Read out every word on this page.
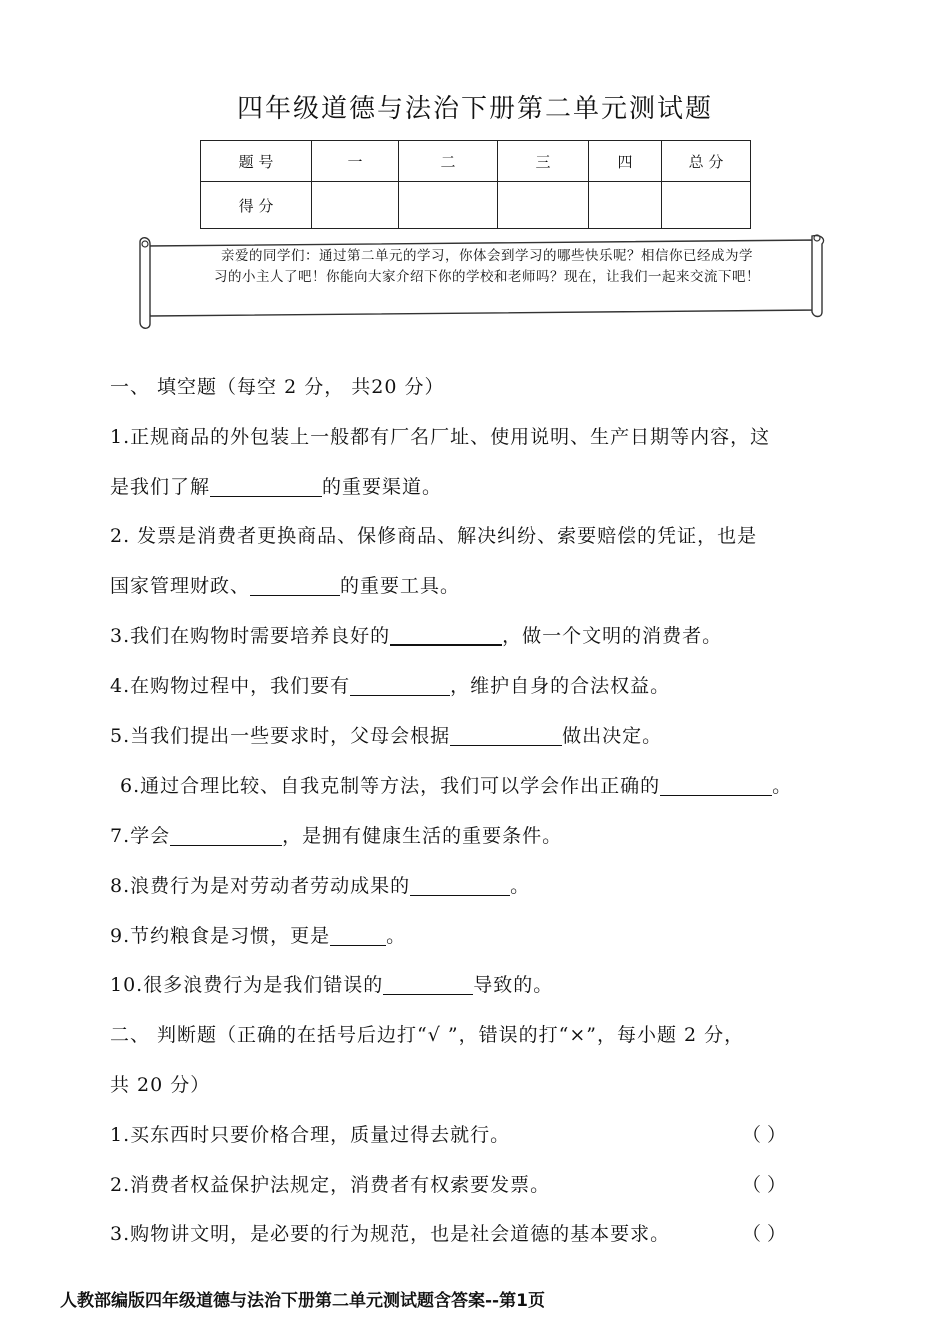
四年级道德与法治下册第二单元测试题
题 号	一	二	三	四	总 分
得 分					
亲爱的同学们：通过第二单元的学习，你体会到学习的哪些快乐呢？相信你已经成为学
习的小主人了吧！你能向大家介绍下你的学校和老师吗？现在，让我们一起来交流下吧！
一、 填空题（每空 2 分， 共20 分）
1.正规商品的外包装上一般都有厂名厂址、使用说明、生产日期等内容，这
是我们了解	的重要渠道。
2. 发票是消费者更换商品、保修商品、解决纠纷、索要赔偿的凭证，也是
国家管理财政、	的重要工具。
3.我们在购物时需要培养良好的	，做一个文明的消费者。
4.在购物过程中，我们要有	，维护自身的合法权益。
5.当我们提出一些要求时，父母会根据	做出决定。
6.通过合理比较、自我克制等方法，我们可以学会作出正确的	。
7.学会	，是拥有健康生活的重要条件。
8.浪费行为是对劳动者劳动成果的	。
9.节约粮食是习惯，更是	。
10.很多浪费行为是我们错误的	导致的。
二、 判断题（正确的在括号后边打“√ ”，错误的打“×”，每小题 2 分，
共 20 分）
1.买东西时只要价格合理，质量过得去就行。	（ ）
2.消费者权益保护法规定，消费者有权索要发票。	（ ）
3.购物讲文明，是必要的行为规范，也是社会道德的基本要求。	（ ）
人教部编版四年级道德与法治下册第二单元测试题含答案--第1页
